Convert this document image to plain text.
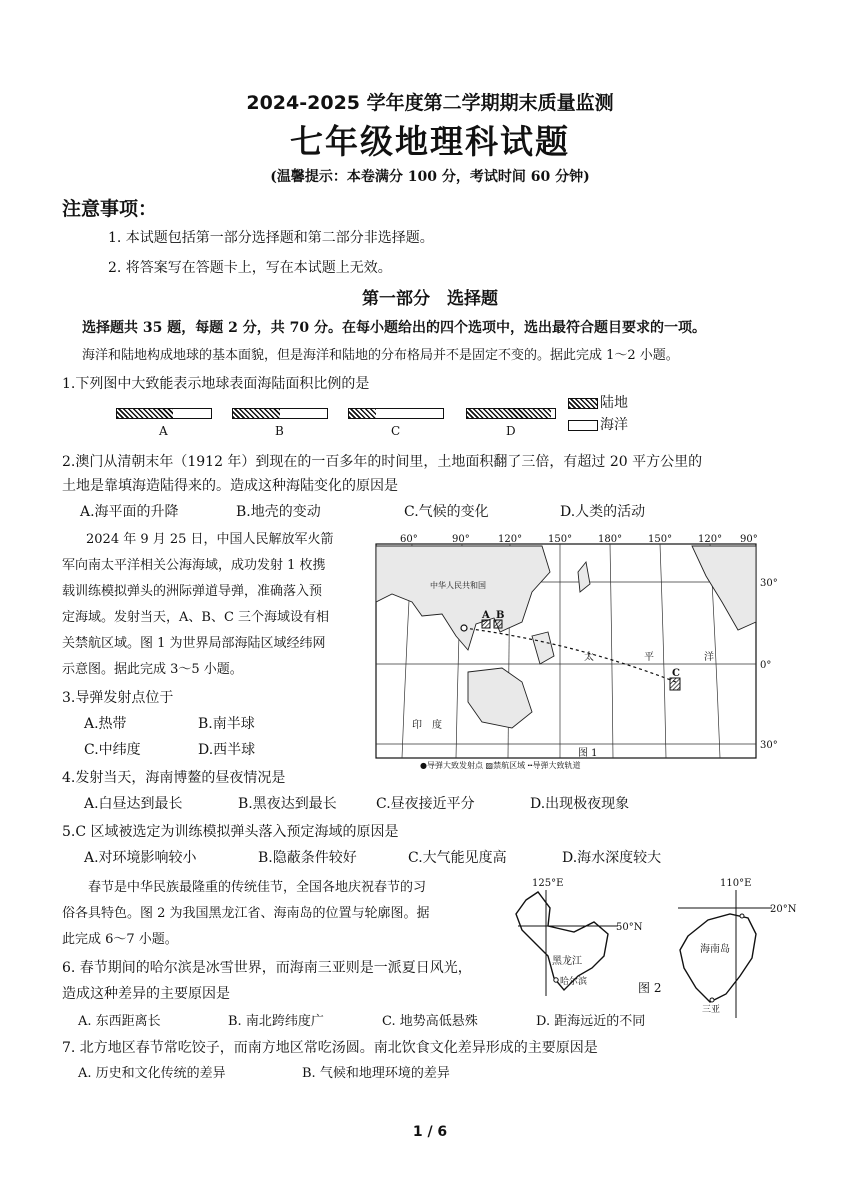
2024-2025 学年度第二学期期末质量监测
七年级地理科试题
(温馨提示：本卷满分 100 分，考试时间 60 分钟)
注意事项：
1. 本试题包括第一部分选择题和第二部分非选择题。
2. 将答案写在答题卡上，写在本试题上无效。
第一部分　选择题
选择题共 35 题，每题 2 分，共 70 分。在每小题给出的四个选项中，选出最符合题目要求的一项。
海洋和陆地构成地球的基本面貌，但是海洋和陆地的分布格局并不是固定不变的。据此完成 1～2 小题。
1.下列图中大致能表示地球表面海陆面积比例的是
A	B	C	D
陆地
海洋
2.澳门从清朝末年（1912 年）到现在的一百多年的时间里，土地面积翻了三倍，有超过 20 平方公里的
土地是靠填海造陆得来的。造成这种海陆变化的原因是
A.海平面的升降	B.地壳的变动	C.气候的变化	D.人类的活动
2024 年 9 月 25 日，中国人民解放军火箭
军向南太平洋相关公海海域，成功发射 1 枚携
载训练模拟弹头的洲际弹道导弹，准确落入预
定海域。发射当天，A、B、C 三个海域设有相
关禁航区域。图 1 为世界局部海陆区域经纬网
示意图。据此完成 3～5 小题。
60°	90°	120°	150°	180°	150°	120° 90°
30°
0°
30°
中华人民共和国
A B
C
太	平	洋
印　度
图 1
●导弹大致发射点 ▨禁航区域 ┅导弹大致轨道
3.导弹发射点位于
A.热带	B.南半球
C.中纬度	D.西半球
4.发射当天，海南博鳌的昼夜情况是
A.白昼达到最长	B.黑夜达到最长	C.昼夜接近平分	D.出现极夜现象
5.C 区域被选定为训练模拟弹头落入预定海域的原因是
A.对环境影响较小	B.隐蔽条件较好	C.大气能见度高	D.海水深度较大
春节是中华民族最隆重的传统佳节，全国各地庆祝春节的习
俗各具特色。图 2 为我国黑龙江省、海南岛的位置与轮廓图。据
此完成 6～7 小题。
125°E
50°N
黑龙江
哈尔滨
110°E
20°N
海南岛
三亚
图 2
6. 春节期间的哈尔滨是冰雪世界，而海南三亚则是一派夏日风光，
造成这种差异的主要原因是
A. 东西距离长	B. 南北跨纬度广	C. 地势高低悬殊	D. 距海远近的不同
7. 北方地区春节常吃饺子，而南方地区常吃汤圆。南北饮食文化差异形成的主要原因是
A. 历史和文化传统的差异	B. 气候和地理环境的差异
1 / 6
